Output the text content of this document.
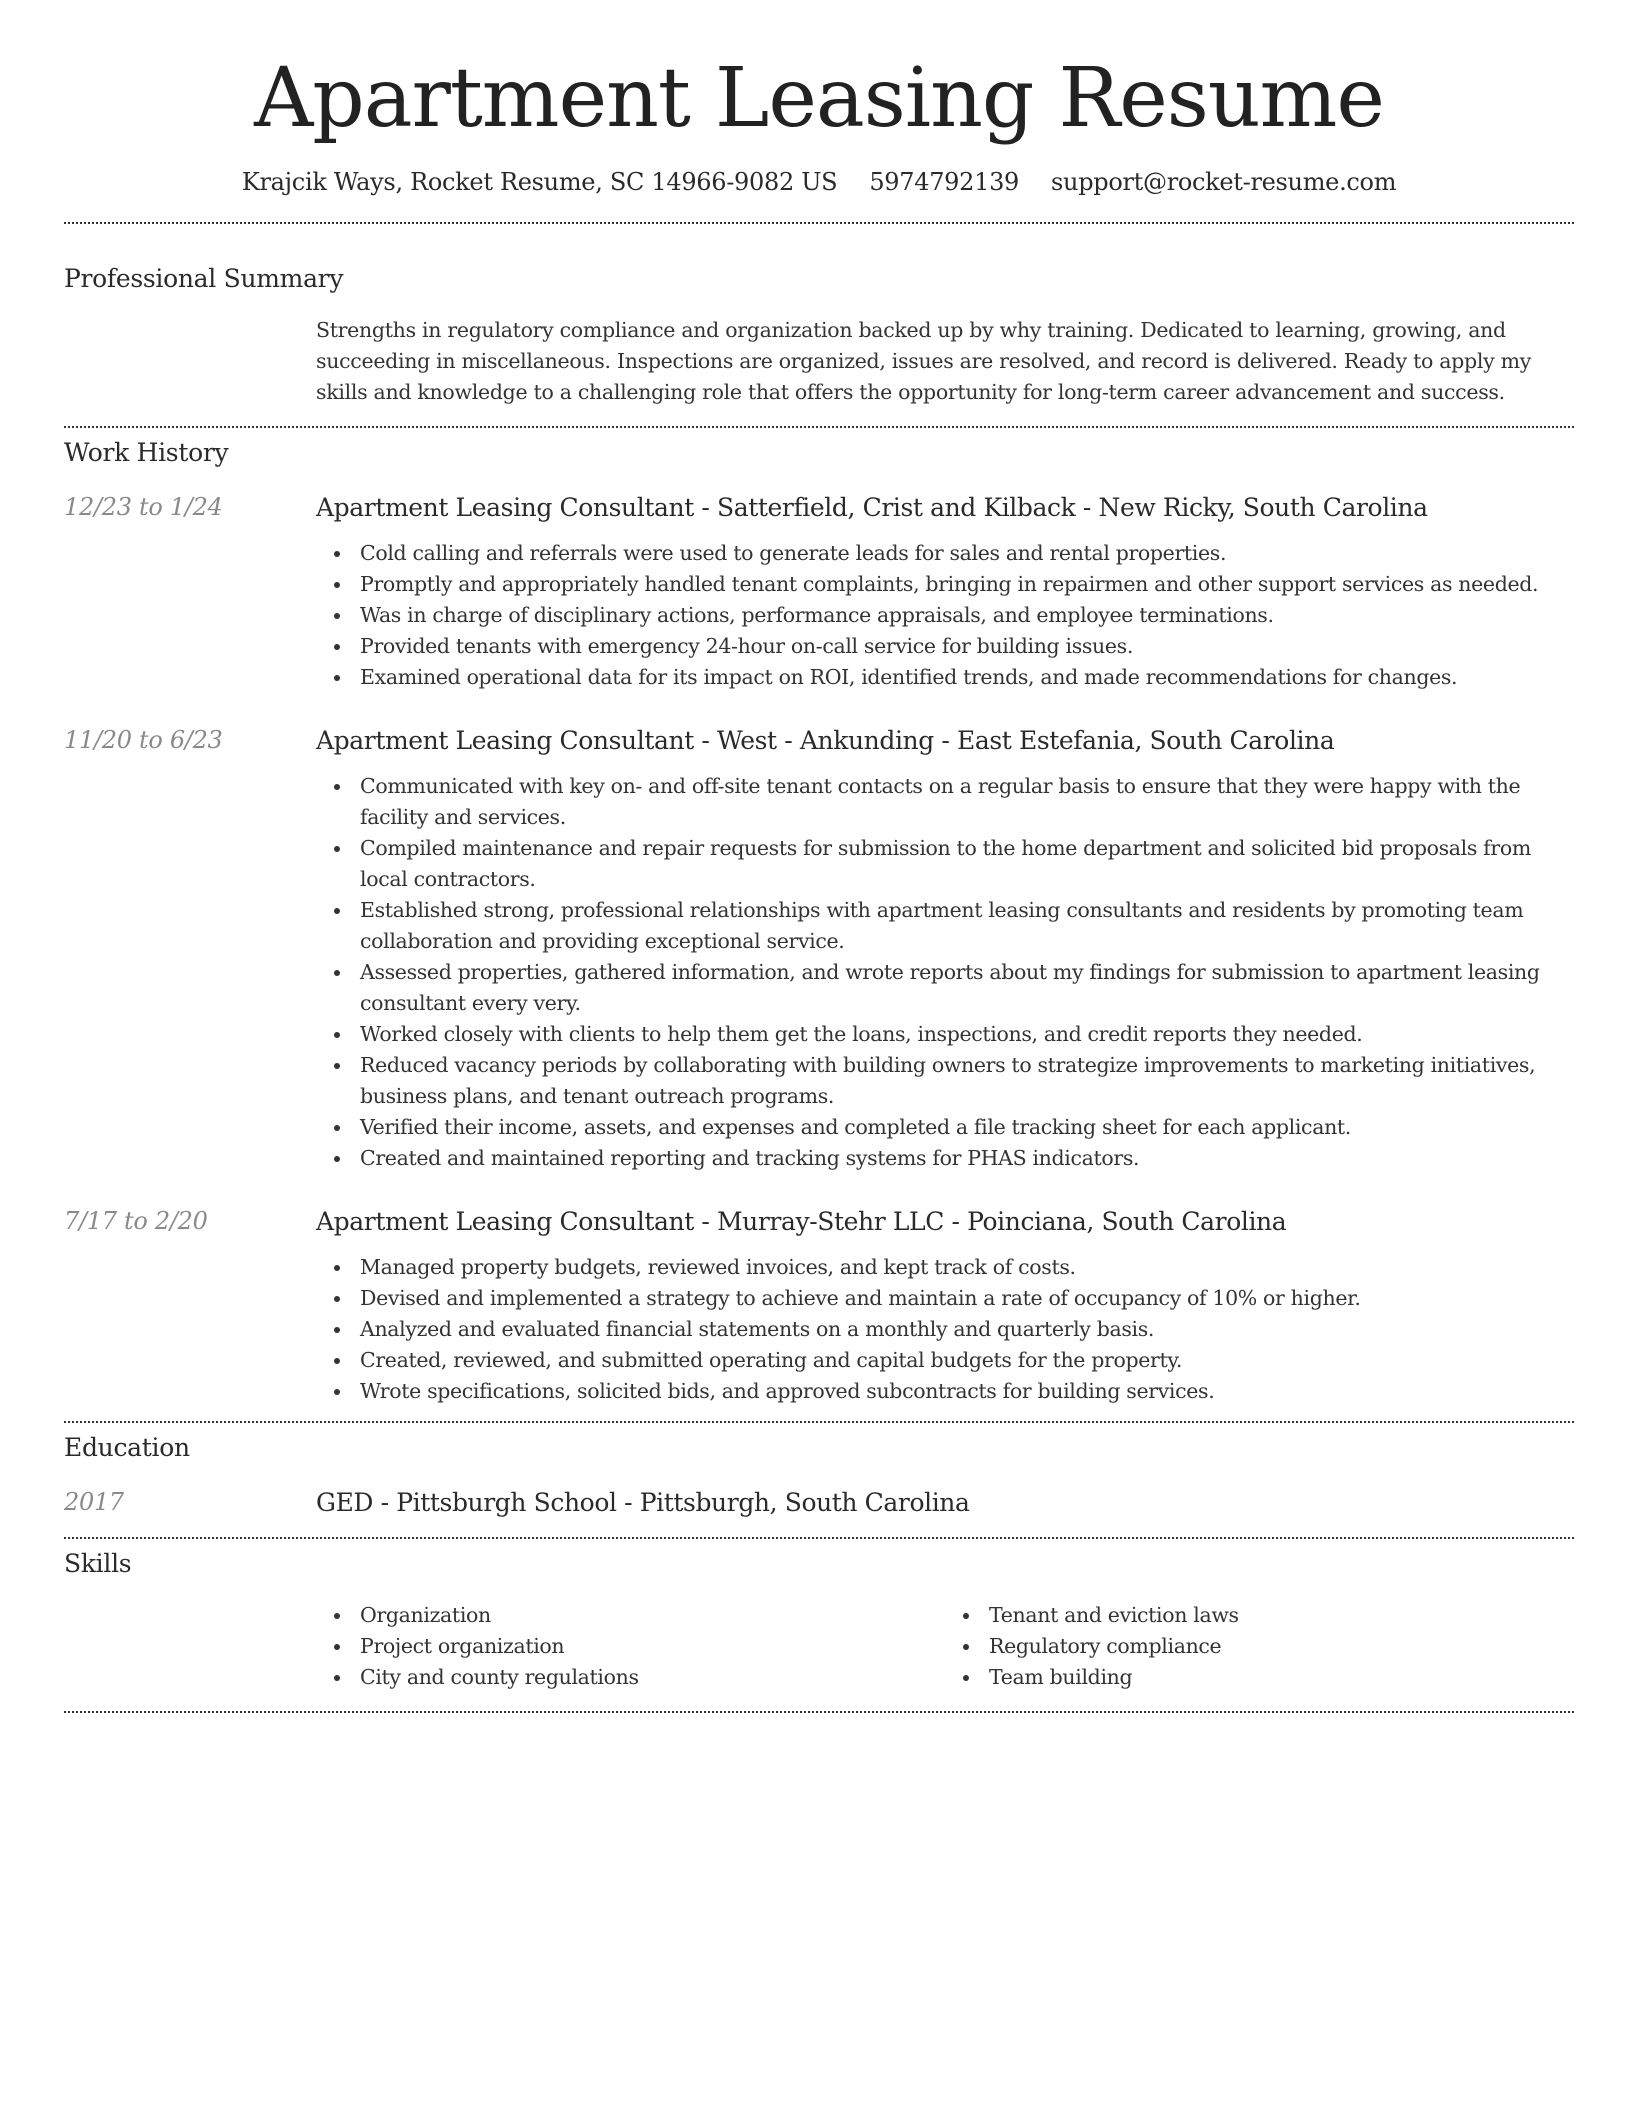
Apartment Leasing Resume
Krajcik Ways, Rocket Resume, SC 14966-9082 US 5974792139 support@rocket-resume.com
Professional Summary
Strengths in regulatory compliance and organization backed up by why training. Dedicated to learning, growing, and succeeding in miscellaneous. Inspections are organized, issues are resolved, and record is delivered. Ready to apply my skills and knowledge to a challenging role that offers the opportunity for long-term career advancement and success.
Work History
12/23 to 1/24	Apartment Leasing Consultant - Satterfield, Crist and Kilback - New Ricky, South Carolina
Cold calling and referrals were used to generate leads for sales and rental properties.
Promptly and appropriately handled tenant complaints, bringing in repairmen and other support services as needed.
Was in charge of disciplinary actions, performance appraisals, and employee terminations.
Provided tenants with emergency 24-hour on-call service for building issues.
Examined operational data for its impact on ROI, identified trends, and made recommendations for changes.
11/20 to 6/23	Apartment Leasing Consultant - West - Ankunding - East Estefania, South Carolina
Communicated with key on- and off-site tenant contacts on a regular basis to ensure that they were happy with the facility and services.
Compiled maintenance and repair requests for submission to the home department and solicited bid proposals from local contractors.
Established strong, professional relationships with apartment leasing consultants and residents by promoting team collaboration and providing exceptional service.
Assessed properties, gathered information, and wrote reports about my findings for submission to apartment leasing consultant every very.
Worked closely with clients to help them get the loans, inspections, and credit reports they needed.
Reduced vacancy periods by collaborating with building owners to strategize improvements to marketing initiatives, business plans, and tenant outreach programs.
Verified their income, assets, and expenses and completed a file tracking sheet for each applicant.
Created and maintained reporting and tracking systems for PHAS indicators.
7/17 to 2/20	Apartment Leasing Consultant - Murray-Stehr LLC - Poinciana, South Carolina
Managed property budgets, reviewed invoices, and kept track of costs.
Devised and implemented a strategy to achieve and maintain a rate of occupancy of 10% or higher.
Analyzed and evaluated financial statements on a monthly and quarterly basis.
Created, reviewed, and submitted operating and capital budgets for the property.
Wrote specifications, solicited bids, and approved subcontracts for building services.
Education
2017	GED - Pittsburgh School - Pittsburgh, South Carolina
Skills
Organization
Project organization
City and county regulations
Tenant and eviction laws
Regulatory compliance
Team building
